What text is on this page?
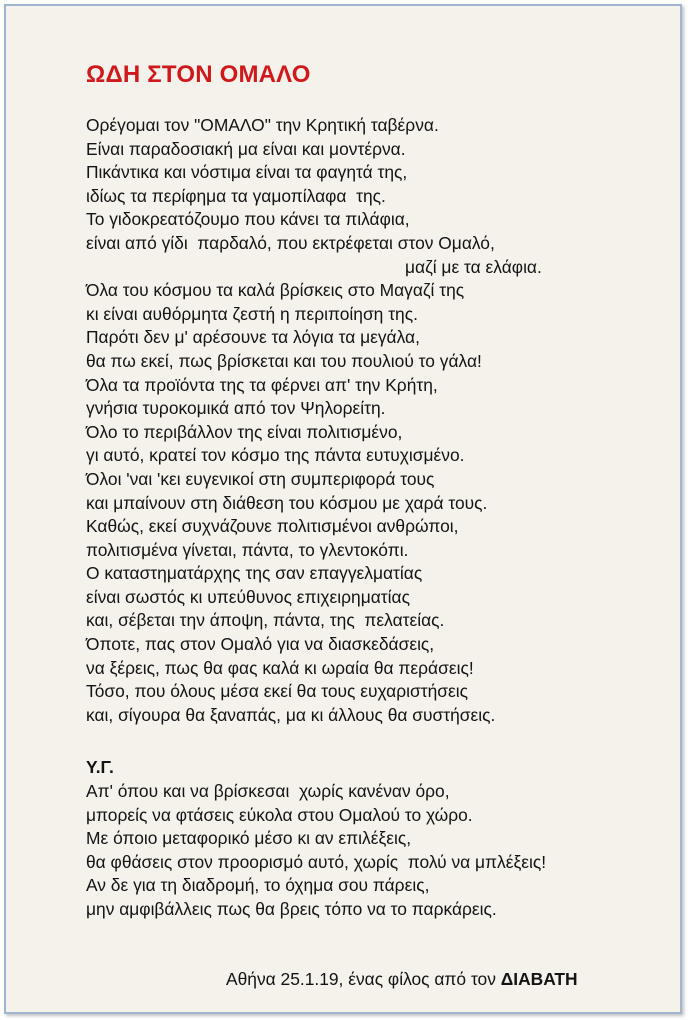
ΩΔΗ ΣΤΟΝ ΟΜΑΛΟ
Ορέγομαι τον "ΟΜΑΛΟ" την Κρητική ταβέρνα.
Είναι παραδοσιακή μα είναι και μοντέρνα.
Πικάντικα και νόστιμα είναι τα φαγητά της,
ιδίως τα περίφημα τα γαμοπίλαφα  της.
Το γιδοκρεατόζουμο που κάνει τα πιλάφια,
είναι από γίδι  παρδαλό, που εκτρέφεται στον Ομαλό,
μαζί με τα ελάφια.
Όλα του κόσμου τα καλά βρίσκεις στο Μαγαζί της
κι είναι αυθόρμητα ζεστή η περιποίηση της.
Παρότι δεν μ' αρέσουνε τα λόγια τα μεγάλα,
θα πω εκεί, πως βρίσκεται και του πουλιού το γάλα!
Όλα τα προϊόντα της τα φέρνει απ' την Κρήτη,
γνήσια τυροκομικά από τον Ψηλορείτη.
Όλο το περιβάλλον της είναι πολιτισμένο,
γι αυτό, κρατεί τον κόσμο της πάντα ευτυχισμένο.
Όλοι 'ναι 'κει ευγενικοί στη συμπεριφορά τους
και μπαίνουν στη διάθεση του κόσμου με χαρά τους.
Καθώς, εκεί συχνάζουνε πολιτισμένοι ανθρώποι,
πολιτισμένα γίνεται, πάντα, το γλεντοκόπι.
Ο καταστηματάρχης της σαν επαγγελματίας
είναι σωστός κι υπεύθυνος επιχειρηματίας
και, σέβεται την άποψη, πάντα, της  πελατείας.
Όποτε, πας στον Ομαλό για να διασκεδάσεις,
να ξέρεις, πως θα φας καλά κι ωραία θα περάσεις!
Τόσο, που όλους μέσα εκεί θα τους ευχαριστήσεις
και, σίγουρα θα ξαναπάς, μα κι άλλους θα συστήσεις.
Υ.Γ.
Απ' όπου και να βρίσκεσαι  χωρίς κανέναν όρο,
μπορείς να φτάσεις εύκολα στου Ομαλού το χώρο.
Με όποιο μεταφορικό μέσο κι αν επιλέξεις,
θα φθάσεις στον προορισμό αυτό, χωρίς  πολύ να μπλέξεις!
Αν δε για τη διαδρομή, το όχημα σου πάρεις,
μην αμφιβάλλεις πως θα βρεις τόπο να το παρκάρεις.
Αθήνα 25.1.19, ένας φίλος από τον ΔΙΑΒΑΤΗ
